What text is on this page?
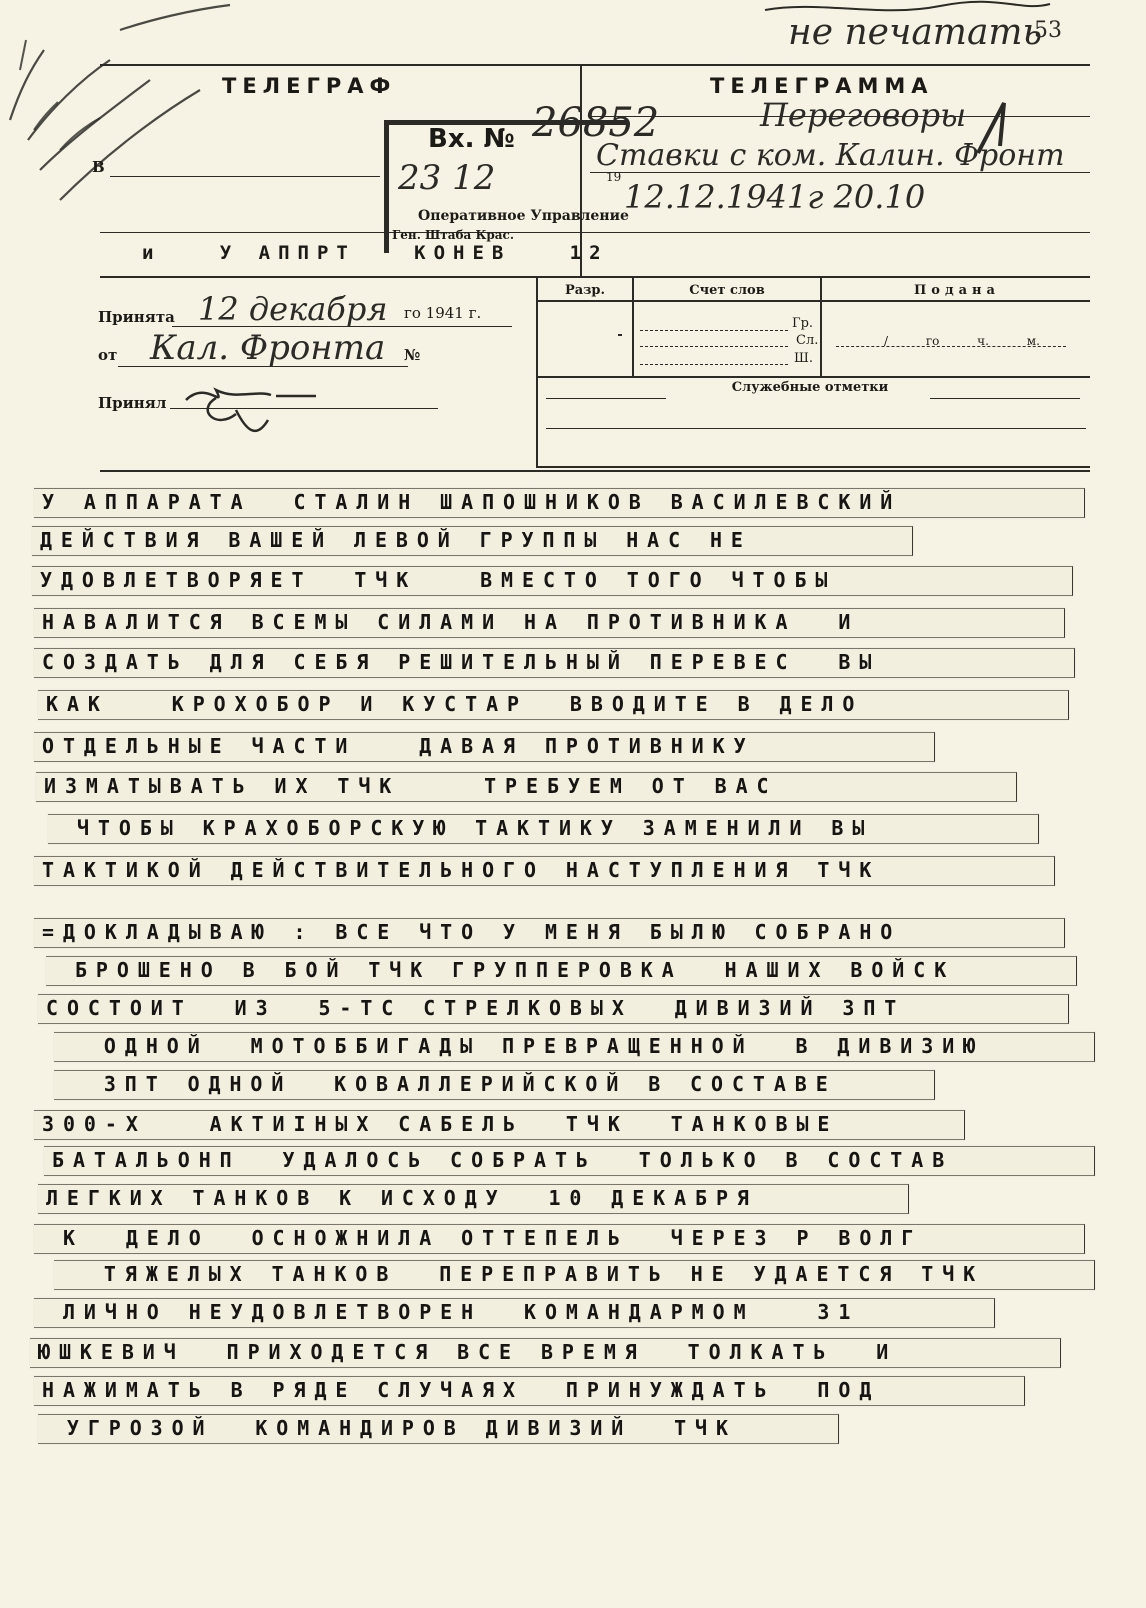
не печатать
53
ТЕЛЕГРАФ	ТЕЛЕГРАММА
В
и   У АППРТ   КОНЕВ   12
Вх. № 26852
23 12	19
Оперативное Управление
Ген. Штаба Крас.
Переговоры
Ставки с ком. Калин. Фронт
12.12.1941г 20.10
Принята 12 декабря го 1941 г.
от Кал. Фронта №
Принял
Разр.	Счет слов	Подана
Гр.
Сл.
Ш.
/ го ч. м.
Служебные отметки
У АППАРАТА  СТАЛИН ШАПОШНИКОВ ВАСИЛЕВСКИЙ
ДЕЙСТВИЯ ВАШЕЙ ЛЕВОЙ ГРУППЫ НАС НЕ
УДОВЛЕТВОРЯЕТ  ТЧК   ВМЕСТО ТОГО ЧТОБЫ
НАВАЛИТСЯ ВСЕМЫ СИЛАМИ НА ПРОТИВНИКА  И
СОЗДАТЬ ДЛЯ СЕБЯ РЕШИТЕЛЬНЫЙ ПЕРЕВЕС  ВЫ
КАК   КРОХОБОР И КУСТАР  ВВОДИТЕ В ДЕЛО
ОТДЕЛЬНЫЕ ЧАСТИ   ДАВАЯ ПРОТИВНИКУ
ИЗМАТЫВАТЬ ИХ ТЧК    ТРЕБУЕМ ОТ ВАС
ЧТОБЫ КРАХОБОРСКУЮ ТАКТИКУ ЗАМЕНИЛИ ВЫ
ТАКТИКОЙ ДЕЙСТВИТЕЛЬНОГО НАСТУПЛЕНИЯ ТЧК
=ДОКЛАДЫВАЮ : ВСЕ ЧТО У МЕНЯ БЫЛЮ СОБРАНО
БРОШЕНО В БОЙ ТЧК ГРУППЕРОВКА  НАШИХ ВОЙСК
СОСТОИТ  ИЗ  5-ТС СТРЕЛКОВЫХ  ДИВИЗИЙ ЗПТ
ОДНОЙ  МОТОББИГАДЫ ПРЕВРАЩЕННОЙ  В ДИВИЗИЮ
ЗПТ ОДНОЙ  КОВАЛЛЕРИЙСКОЙ В СОСТАВЕ
300-Х   АКТИIНЫХ САБЕЛЬ  ТЧК  ТАНКОВЫЕ
БАТАЛЬОНП  УДАЛОСЬ СОБРАТЬ  ТОЛЬКО В СОСТАВ
ЛЕГКИХ ТАНКОВ К ИСХОДУ  10 ДЕКАБРЯ
К  ДЕЛО  ОСНОЖНИЛА ОТТЕПЕЛЬ  ЧЕРЕЗ Р ВОЛГ
ТЯЖЕЛЫХ ТАНКОВ  ПЕРЕПРАВИТЬ НЕ УДАЕТСЯ ТЧК
ЛИЧНО НЕУДОВЛЕТВОРЕН  КОМАНДАРМОМ   31
ЮШКЕВИЧ  ПРИХОДЕТСЯ ВСЕ ВРЕМЯ  ТОЛКАТЬ  И
НАЖИМАТЬ В РЯДЕ СЛУЧАЯХ  ПРИНУЖДАТЬ  ПОД
УГРОЗОЙ  КОМАНДИРОВ ДИВИЗИЙ  ТЧК
